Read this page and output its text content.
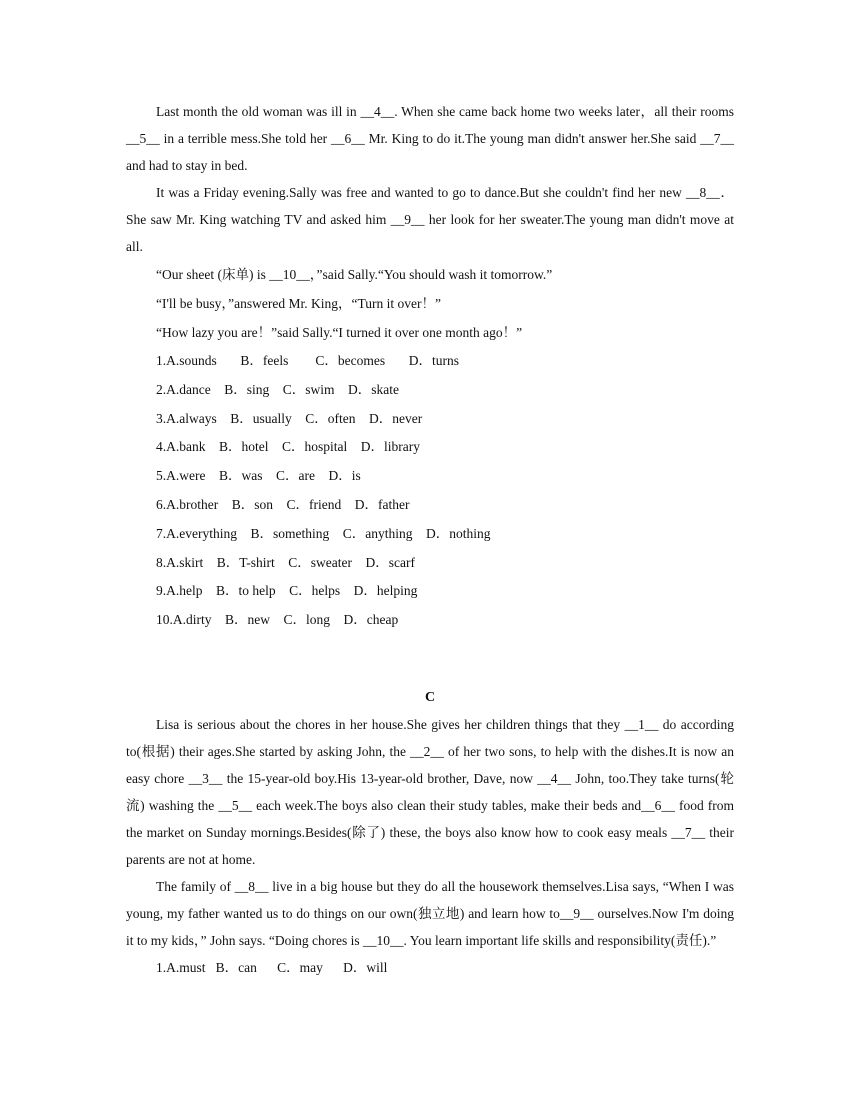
Last month the old woman was ill in __4__. When she came back home two weeks later，all their rooms __5__ in a terrible mess.She told her __6__ Mr. King to do it.The young man didn't answer her.She said __7__ and had to stay in bed.

It was a Friday evening.Sally was free and wanted to go to dance.But she couldn't find her new __8__．She saw Mr. King watching TV and asked him __9__ her look for her sweater.The young man didn't move at all.

“Our sheet (床单) is __10__，”said Sally.“You should wash it tomorrow.”

“I'll be busy，”answered Mr. King，“Turn it over！”

“How lazy you are！”said Sally.“I turned it over one month ago！”

1.A.sounds       B．feels        C．becomes       D．turns

2.A.dance    B．sing    C．swim    D．skate

3.A.always    B．usually    C．often    D．never

4.A.bank    B．hotel    C．hospital    D．library

5.A.were    B．was    C．are    D．is

6.A.brother    B．son    C．friend    D．father

7.A.everything    B．something    C．anything    D．nothing

8.A.skirt    B．T-shirt    C．sweater    D．scarf

9.A.help    B．to help    C．helps    D．helping

10.A.dirty    B．new    C．long    D．cheap

C

Lisa is serious about the chores in her house.She gives her children things that they __1__ do according to(根据) their ages.She started by asking John, the __2__ of her two sons, to help with the dishes.It is now an easy chore __3__ the 15-year-old boy.His 13-year-old brother, Dave, now __4__ John, too.They take turns(轮流) washing the __5__ each week.The boys also clean their study tables, make their beds and__6__ food from the market on Sunday mornings.Besides(除了) these, the boys also know how to cook easy meals __7__ their parents are not at home.

The family of __8__ live in a big house but they do all the housework themselves.Lisa says, “When I was young, my father wanted us to do things on our own(独立地) and learn how to__9__ ourselves.Now I'm doing it to my kids，” John says. “Doing chores is __10__. You learn important life skills and responsibility(责任).”

1.A.must   B．can      C．may      D．will
